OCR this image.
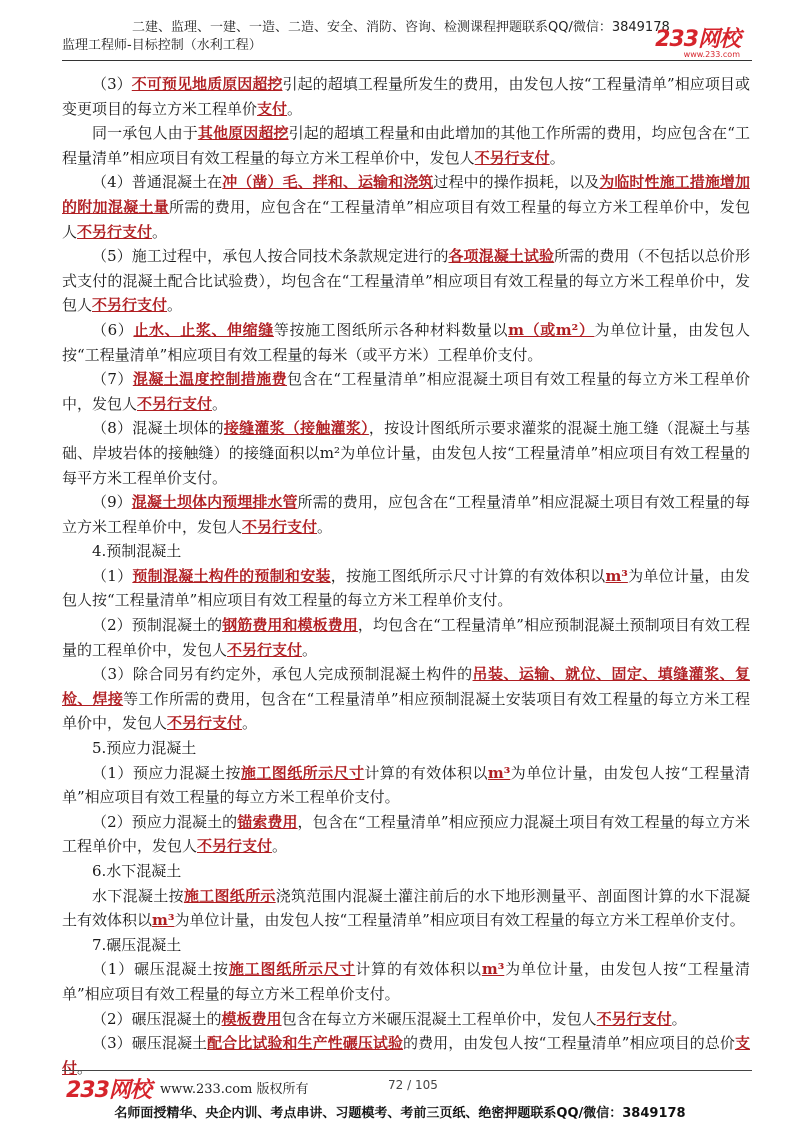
二建、监理、一建、一造、二造、安全、消防、咨询、检测课程押题联系QQ/微信：3849178
监理工程师-目标控制（水利工程）	233网校
www.233.com

（3）不可预见地质原因超挖引起的超填工程量所发生的费用，由发包人按“工程量清单”相应项目或变更项目的每立方米工程单价支付。

同一承包人由于其他原因超挖引起的超填工程量和由此增加的其他工作所需的费用，均应包含在“工程量清单”相应项目有效工程量的每立方米工程单价中，发包人不另行支付。

（4）普通混凝土在冲（凿）毛、拌和、运输和浇筑过程中的操作损耗，以及为临时性施工措施增加的附加混凝土量所需的费用，应包含在“工程量清单”相应项目有效工程量的每立方米工程单价中，发包人不另行支付。

（5）施工过程中，承包人按合同技术条款规定进行的各项混凝土试验所需的费用（不包括以总价形式支付的混凝土配合比试验费），均包含在“工程量清单”相应项目有效工程量的每立方米工程单价中，发包人不另行支付。

（6）止水、止浆、伸缩缝等按施工图纸所示各种材料数量以m（或m²）为单位计量，由发包人按“工程量清单”相应项目有效工程量的每米（或平方米）工程单价支付。

（7）混凝土温度控制措施费包含在“工程量清单”相应混凝土项目有效工程量的每立方米工程单价中，发包人不另行支付。

（8）混凝土坝体的接缝灌浆（接触灌浆），按设计图纸所示要求灌浆的混凝土施工缝（混凝土与基础、岸坡岩体的接触缝）的接缝面积以m²为单位计量，由发包人按“工程量清单”相应项目有效工程量的每平方米工程单价支付。

（9）混凝土坝体内预埋排水管所需的费用，应包含在“工程量清单”相应混凝土项目有效工程量的每立方米工程单价中，发包人不另行支付。

4.预制混凝土

（1）预制混凝土构件的预制和安装，按施工图纸所示尺寸计算的有效体积以m³为单位计量，由发包人按“工程量清单”相应项目有效工程量的每立方米工程单价支付。

（2）预制混凝土的钢筋费用和模板费用，均包含在“工程量清单”相应预制混凝土预制项目有效工程量的工程单价中，发包人不另行支付。

（3）除合同另有约定外，承包人完成预制混凝土构件的吊装、运输、就位、固定、填缝灌浆、复检、焊接等工作所需的费用，包含在“工程量清单”相应预制混凝土安装项目有效工程量的每立方米工程单价中，发包人不另行支付。

5.预应力混凝土

（1）预应力混凝土按施工图纸所示尺寸计算的有效体积以m³为单位计量，由发包人按“工程量清单”相应项目有效工程量的每立方米工程单价支付。

（2）预应力混凝土的锚索费用，包含在“工程量清单”相应预应力混凝土项目有效工程量的每立方米工程单价中，发包人不另行支付。

6.水下混凝土

水下混凝土按施工图纸所示浇筑范围内混凝土灌注前后的水下地形测量平、剖面图计算的水下混凝土有效体积以m³为单位计量，由发包人按“工程量清单”相应项目有效工程量的每立方米工程单价支付。

7.碾压混凝土

（1）碾压混凝土按施工图纸所示尺寸计算的有效体积以m³为单位计量，由发包人按“工程量清单”相应项目有效工程量的每立方米工程单价支付。

（2）碾压混凝土的模板费用包含在每立方米碾压混凝土工程单价中，发包人不另行支付。

（3）碾压混凝土配合比试验和生产性碾压试验的费用，由发包人按“工程量清单”相应项目的总价支付。

233网校 www.233.com 版权所有	72 / 105
名师面授精华、央企内训、考点串讲、习题模考、考前三页纸、绝密押题联系QQ/微信：3849178
